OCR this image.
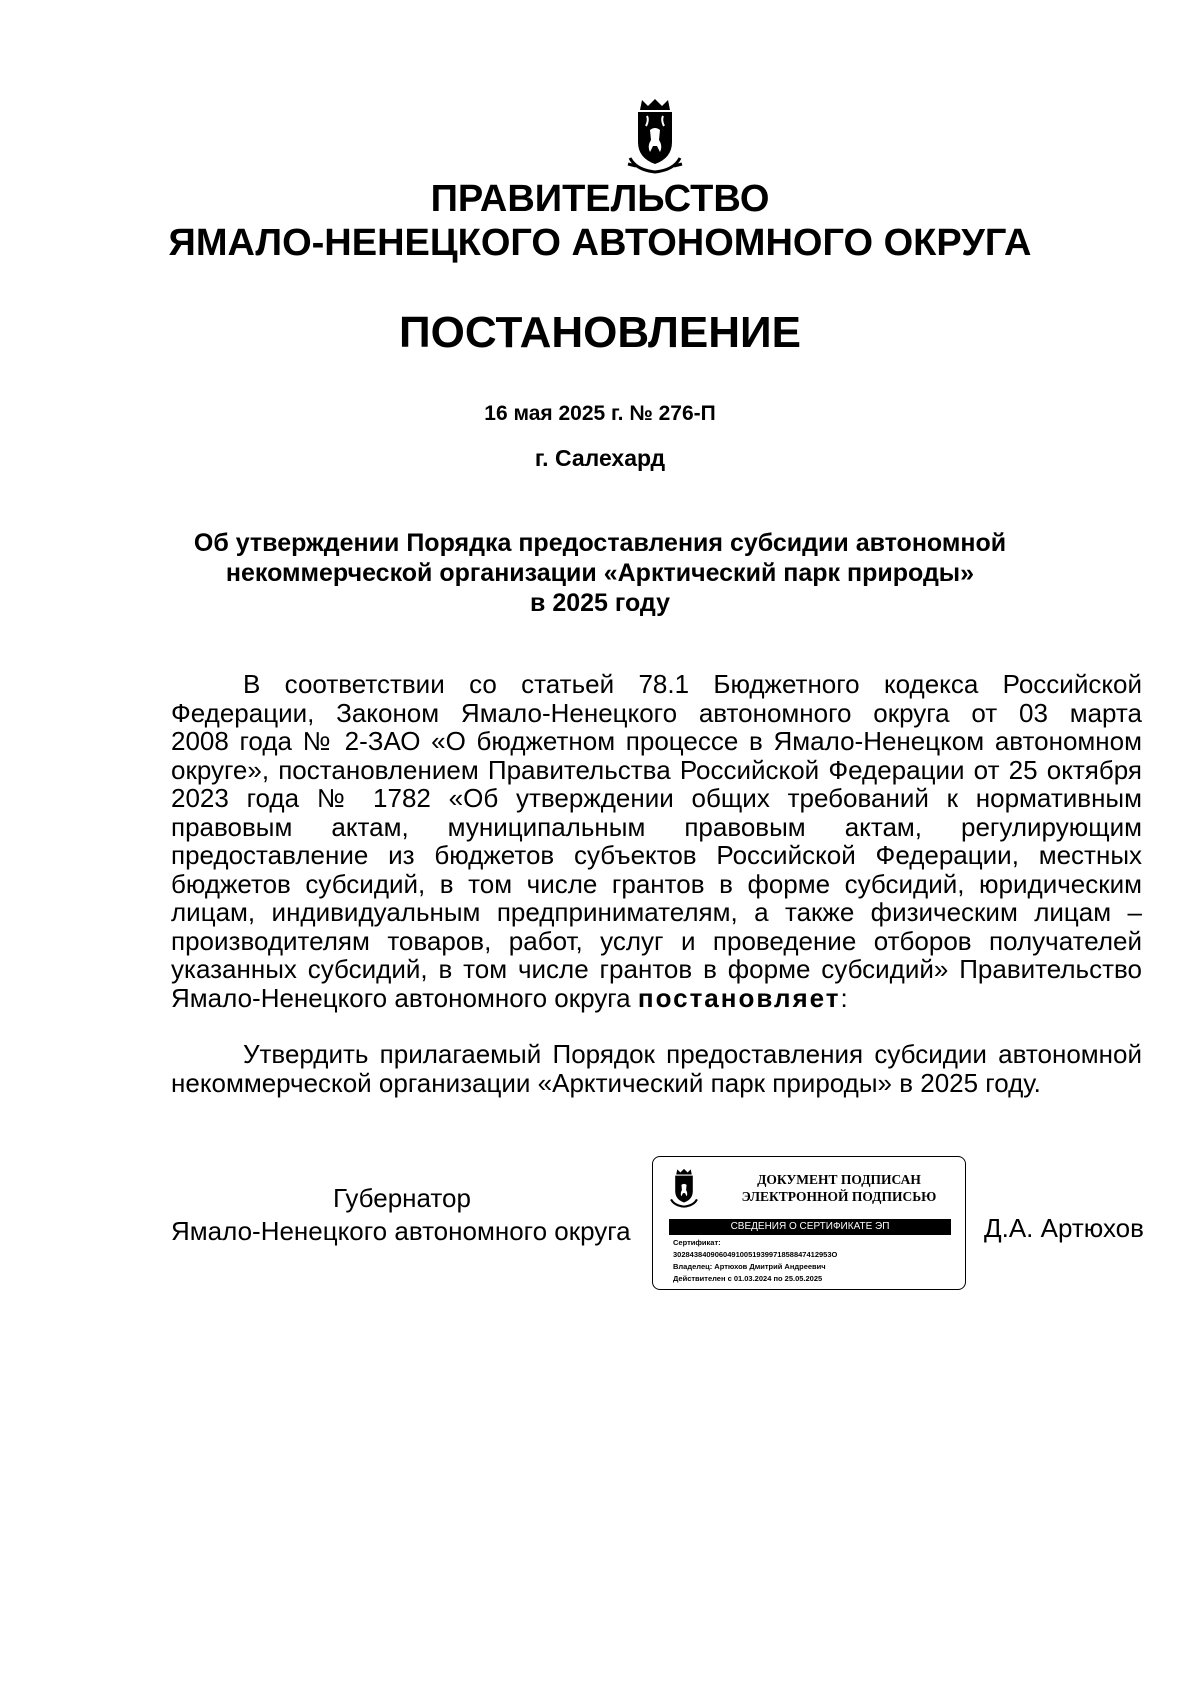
ПРАВИТЕЛЬСТВО
ЯМАЛО-НЕНЕЦКОГО АВТОНОМНОГО ОКРУГА
ПОСТАНОВЛЕНИЕ
16 мая 2025 г. № 276-П
г. Салехард
Об утверждении Порядка предоставления субсидии автономной
некоммерческой организации «Арктический парк природы»
в 2025 году
В соответствии со статьей 78.1 Бюджетного кодекса Российской
Федерации, Законом Ямало-Ненецкого автономного округа от 03 марта
2008 года № 2-ЗАО «О бюджетном процессе в Ямало-Ненецком автономном
округе», постановлением Правительства Российской Федерации от 25 октября
2023 года № 1782 «Об утверждении общих требований к нормативным
правовым актам, муниципальным правовым актам, регулирующим
предоставление из бюджетов субъектов Российской Федерации, местных
бюджетов субсидий, в том числе грантов в форме субсидий, юридическим
лицам, индивидуальным предпринимателям, а также физическим лицам –
производителям товаров, работ, услуг и проведение отборов получателей
указанных субсидий, в том числе грантов в форме субсидий» Правительство
Ямало-Ненецкого автономного округа постановляет:
Утвердить прилагаемый Порядок предоставления субсидии автономной
некоммерческой организации «Арктический парк природы» в 2025 году.
Губернатор
Ямало-Ненецкого автономного округа
ДОКУМЕНТ ПОДПИСАН
ЭЛЕКТРОННОЙ ПОДПИСЬЮ
СВЕДЕНИЯ О СЕРТИФИКАТЕ ЭП
Сертификат:
30284384090604910051939971858847412953О
Владелец: Артюхов Дмитрий Андреевич
Действителен с 01.03.2024 по 25.05.2025
Д.А. Артюхов
